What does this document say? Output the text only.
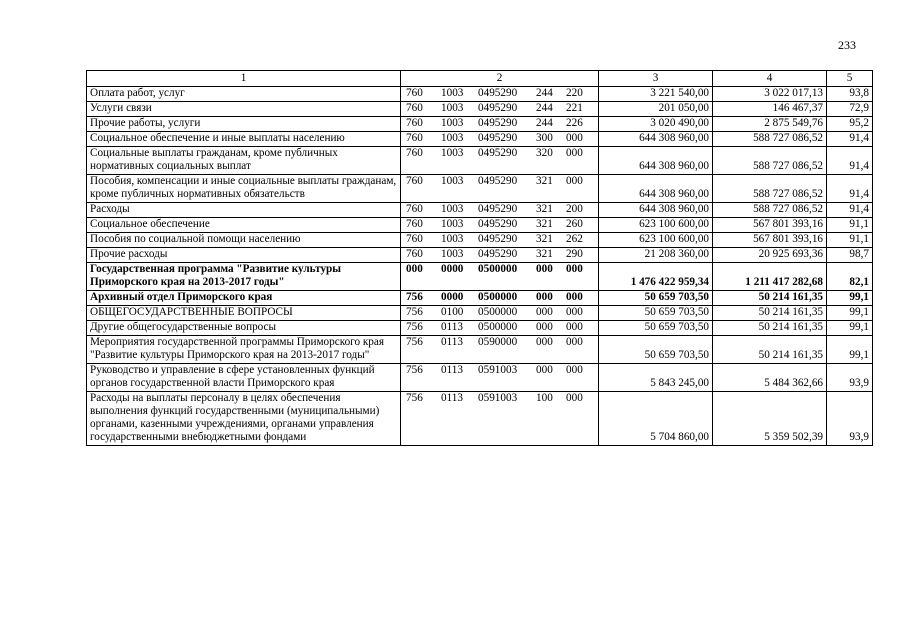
233
1	2	3	4	5
Оплата работ, услуг	760 1003 0495290 244 220	3 221 540,00	3 022 017,13	93,8
Услуги связи	760 1003 0495290 244 221	201 050,00	146 467,37	72,9
Прочие работы, услуги	760 1003 0495290 244 226	3 020 490,00	2 875 549,76	95,2
Социальное обеспечение и иные выплаты населению	760 1003 0495290 300 000	644 308 960,00	588 727 086,52	91,4
Социальные выплаты гражданам, кроме публичных нормативных социальных выплат	760 1003 0495290 320 000	644 308 960,00	588 727 086,52	91,4
Пособия, компенсации и иные социальные выплаты гражданам, кроме публичных нормативных обязательств	760 1003 0495290 321 000	644 308 960,00	588 727 086,52	91,4
Расходы	760 1003 0495290 321 200	644 308 960,00	588 727 086,52	91,4
Социальное обеспечение	760 1003 0495290 321 260	623 100 600,00	567 801 393,16	91,1
Пособия по социальной помощи населению	760 1003 0495290 321 262	623 100 600,00	567 801 393,16	91,1
Прочие расходы	760 1003 0495290 321 290	21 208 360,00	20 925 693,36	98,7
Государственная программа "Развитие культуры Приморского края на 2013-2017 годы"	000 0000 0500000 000 000	1 476 422 959,34	1 211 417 282,68	82,1
Архивный отдел Приморского края	756 0000 0500000 000 000	50 659 703,50	50 214 161,35	99,1
ОБЩЕГОСУДАРСТВЕННЫЕ ВОПРОСЫ	756 0100 0500000 000 000	50 659 703,50	50 214 161,35	99,1
Другие общегосударственные вопросы	756 0113 0500000 000 000	50 659 703,50	50 214 161,35	99,1
Мероприятия государственной программы Приморского края "Развитие культуры Приморского края на 2013-2017 годы"	756 0113 0590000 000 000	50 659 703,50	50 214 161,35	99,1
Руководство и управление в сфере установленных функций органов государственной власти Приморского края	756 0113 0591003 000 000	5 843 245,00	5 484 362,66	93,9
Расходы на выплаты персоналу в целях обеспечения выполнения функций государственными (муниципальными) органами, казенными учреждениями, органами управления государственными внебюджетными фондами	756 0113 0591003 100 000	5 704 860,00	5 359 502,39	93,9
